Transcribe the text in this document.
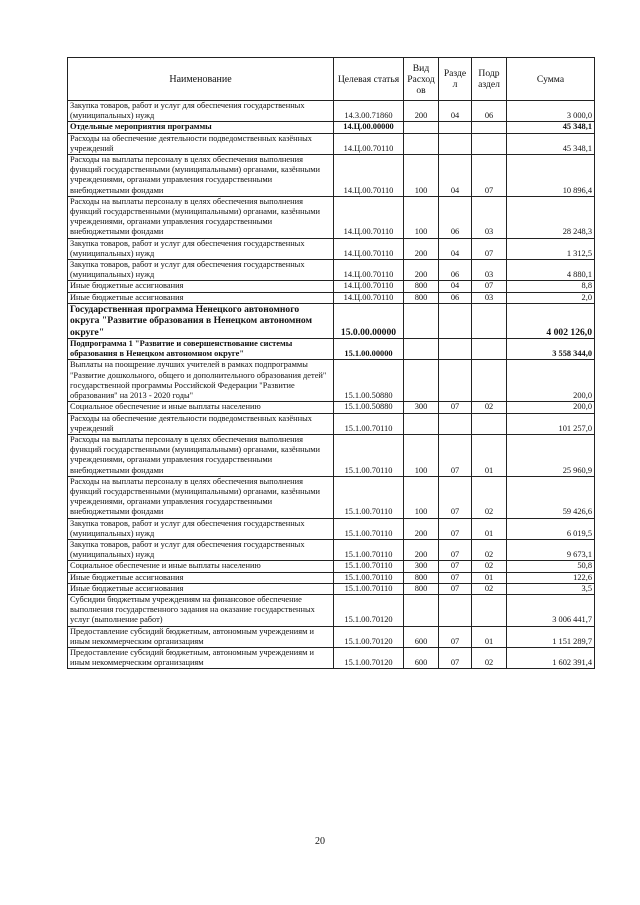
Наименование	Целевая статья	Вид Расход ов	Разде л	Подр аздел	Сумма
Закупка товаров, работ и услуг для обеспечения государственных (муниципальных) нужд	14.3.00.71860	200	04	06	3 000,0
Отдельные мероприятия программы	14.Ц.00.00000				45 348,1
Расходы на обеспечение деятельности подведомственных казённых учреждений	14.Ц.00.70110				45 348,1
Расходы на выплаты персоналу в целях обеспечения выполнения функций государственными (муниципальными) органами, казёнными учреждениями, органами управления государственными внебюджетными фондами	14.Ц.00.70110	100	04	07	10 896,4
Расходы на выплаты персоналу в целях обеспечения выполнения функций государственными (муниципальными) органами, казёнными учреждениями, органами управления государственными внебюджетными фондами	14.Ц.00.70110	100	06	03	28 248,3
Закупка товаров, работ и услуг для обеспечения государственных (муниципальных) нужд	14.Ц.00.70110	200	04	07	1 312,5
Закупка товаров, работ и услуг для обеспечения государственных (муниципальных) нужд	14.Ц.00.70110	200	06	03	4 880,1
Иные бюджетные ассигнования	14.Ц.00.70110	800	04	07	8,8
Иные бюджетные ассигнования	14.Ц.00.70110	800	06	03	2,0
Государственная программа Ненецкого автономного округа "Развитие образования в Ненецком автономном округе"	15.0.00.00000				4 002 126,0
Подпрограмма 1 "Развитие и совершенствование системы образования в Ненецком автономном округе"	15.1.00.00000				3 558 344,0
Выплаты на поощрение лучших учителей в рамках подпрограммы "Развитие дошкольного, общего и дополнительного образования детей" государственной программы Российской Федерации "Развитие образования" на 2013 - 2020 годы"	15.1.00.50880				200,0
Социальное обеспечение и иные выплаты населению	15.1.00.50880	300	07	02	200,0
Расходы на обеспечение деятельности подведомственных казённых учреждений	15.1.00.70110				101 257,0
Расходы на выплаты персоналу в целях обеспечения выполнения функций государственными (муниципальными) органами, казёнными учреждениями, органами управления государственными внебюджетными фондами	15.1.00.70110	100	07	01	25 960,9
Расходы на выплаты персоналу в целях обеспечения выполнения функций государственными (муниципальными) органами, казёнными учреждениями, органами управления государственными внебюджетными фондами	15.1.00.70110	100	07	02	59 426,6
Закупка товаров, работ и услуг для обеспечения государственных (муниципальных) нужд	15.1.00.70110	200	07	01	6 019,5
Закупка товаров, работ и услуг для обеспечения государственных (муниципальных) нужд	15.1.00.70110	200	07	02	9 673,1
Социальное обеспечение и иные выплаты населению	15.1.00.70110	300	07	02	50,8
Иные бюджетные ассигнования	15.1.00.70110	800	07	01	122,6
Иные бюджетные ассигнования	15.1.00.70110	800	07	02	3,5
Субсидии бюджетным учреждениям на финансовое обеспечение выполнения государственного задания на оказание государственных услуг (выполнение работ)	15.1.00.70120				3 006 441,7
Предоставление субсидий бюджетным, автономным учреждениям и иным некоммерческим организациям	15.1.00.70120	600	07	01	1 151 289,7
Предоставление субсидий бюджетным, автономным учреждениям и иным некоммерческим организациям	15.1.00.70120	600	07	02	1 602 391,4
20
